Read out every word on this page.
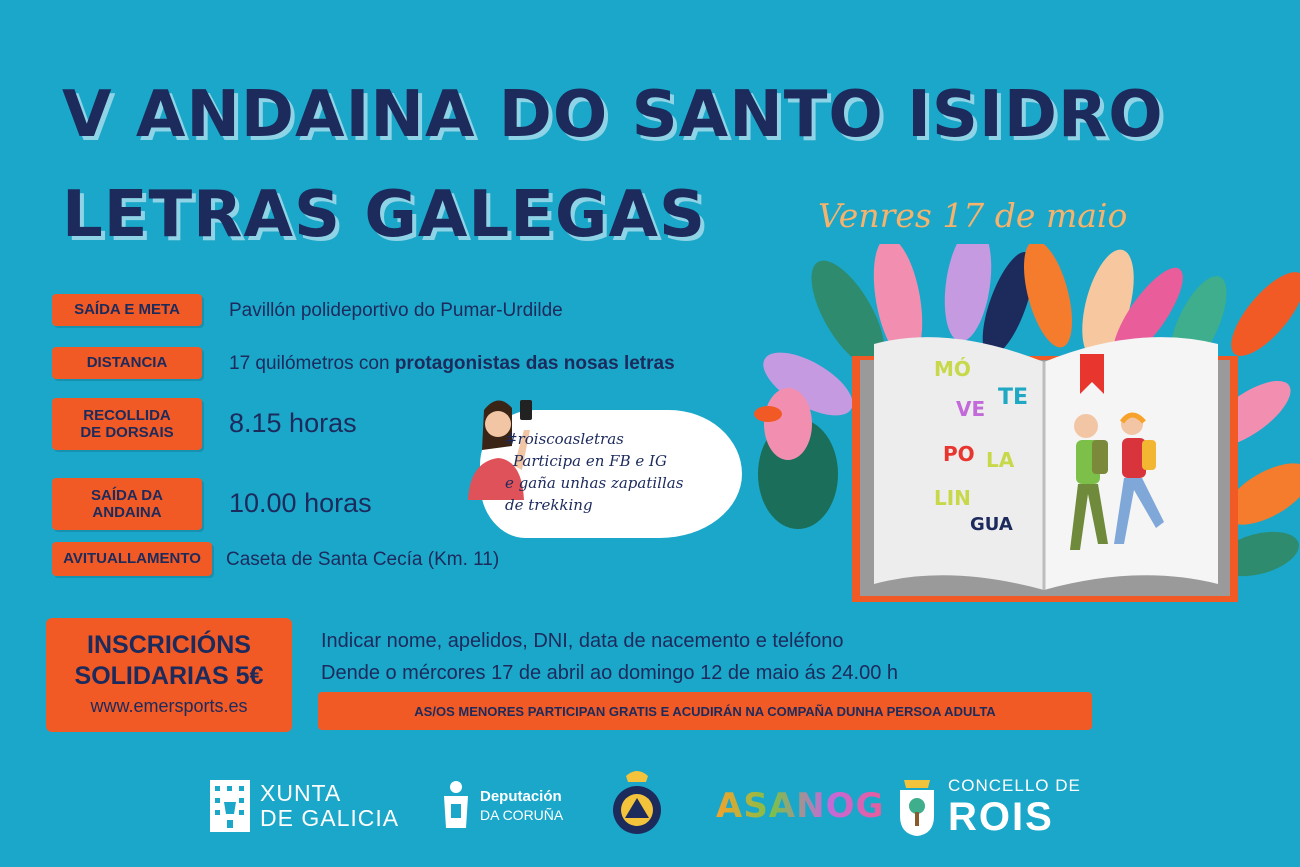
V ANDAINA DO SANTO ISIDRO
LETRAS GALEGAS	Venres 17 de maio
SAÍDA E META	Pavillón polideportivo do Pumar-Urdilde
DISTANCIA	17 quilómetros con protagonistas das nosas letras
RECOLLIDA DE DORSAIS	8.15 horas
SAÍDA DA ANDAINA	10.00 horas
AVITUALLAMENTO	Caseta de Santa Cecía (Km. 11)
#roiscoasletras
Participa en FB e IG
e gaña unhas zapatillas
de trekking
MÓ
VE TE
PO LA
LIN
GUA
INSCRICIÓNS
SOLIDARIAS 5€
www.emersports.es
Indicar nome, apelidos, DNI, data de nacemento e teléfono
Dende o mércores 17 de abril ao domingo 12 de maio ás 24.00 h
AS/OS MENORES PARTICIPAN GRATIS E ACUDIRÁN NA COMPAÑA DUNHA PERSOA ADULTA
XUNTA
DE GALICIA
Deputación
DA CORUÑA
PROTECCIÓN CIVIL
ASANOG
CONCELLO DE
ROIS
